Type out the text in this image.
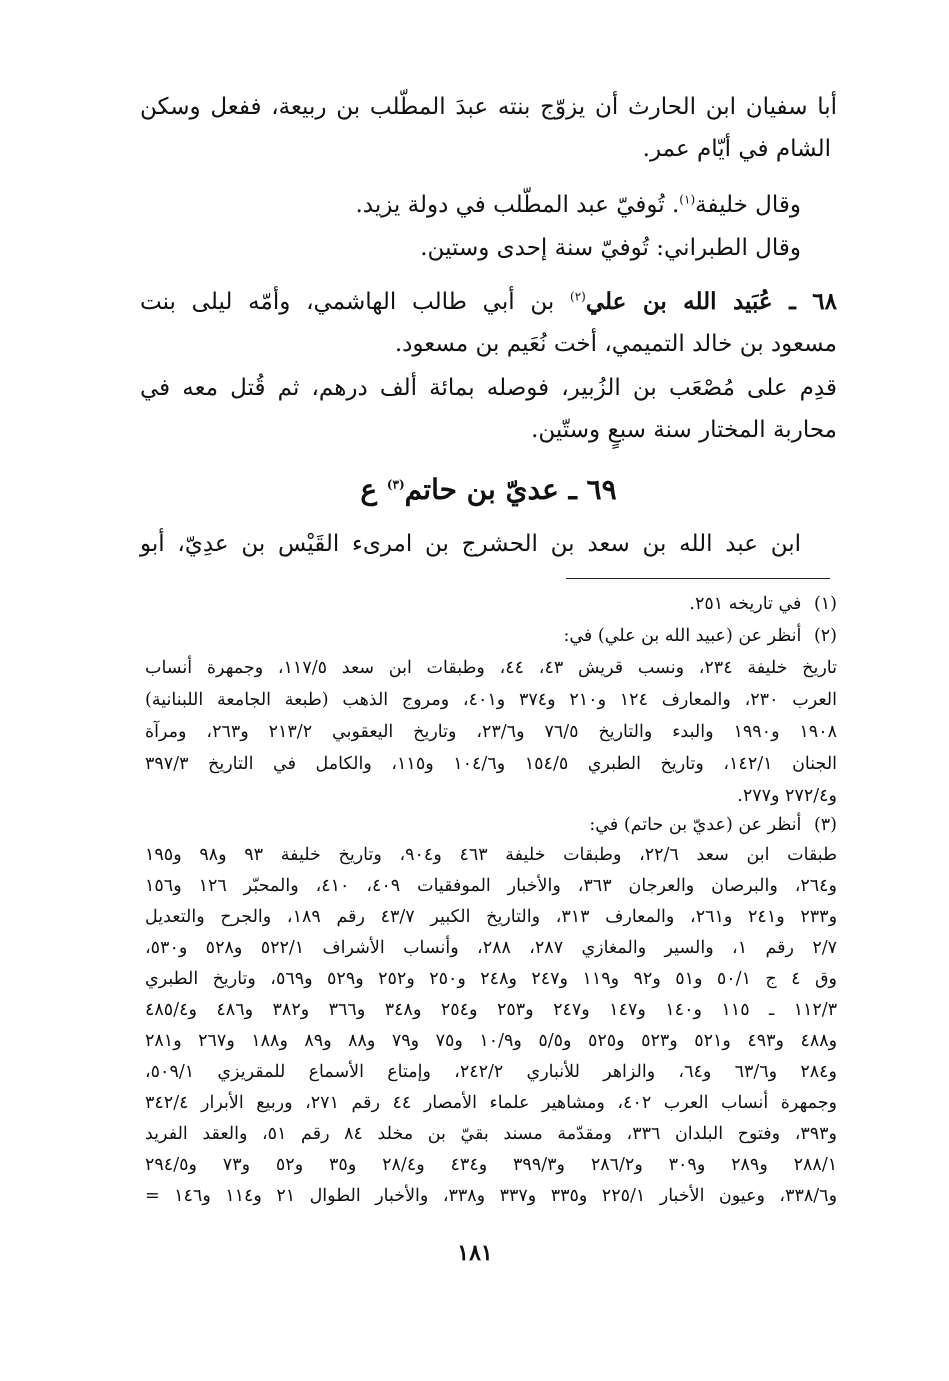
أبا سفيان ابن الحارث أن يزوّج بنته عبدَ المطّلب بن ربيعة، ففعل وسكن
الشام في أيّام عمر.
وقال خليفة$^{(١)}$. تُوفيّ عبد المطّلب في دولة يزيد.
وقال الطبراني: تُوفيّ سنة إحدى وستين.
٦٨ ـ عُبَيد الله بن علي$^{(٢)}$ بن أبي طالب الهاشمي، وأمّه ليلى بنت
مسعود بن خالد التميمي، أخت نُعَيم بن مسعود.
قدِم على مُصْعَب بن الزُبير، فوصله بمائة ألف درهم، ثم قُتل معه في
محاربة المختار سنة سبعٍ وستّين.
٦٩ ـ عديّ بن حاتم$^{(٣)}$ ع
ابن عبد الله بن سعد بن الحشرج بن امرىء القَيْس بن عدِيّ، أبو
(١) في تاريخه ٢٥١.
(٢) أنظر عن (عبيد الله بن علي) في:
تاريخ خليفة ٢٣٤، ونسب قريش ٤٣، ٤٤، وطبقات ابن سعد ١١٧/٥، وجمهرة أنساب
العرب ٢٣٠، والمعارف ١٢٤ و٢١٠ و٣٧٤ و٤٠١، ومروج الذهب (طبعة الجامعة اللبنانية)
١٩٠٨ و١٩٩٠ والبدء والتاريخ ٧٦/٥ و٢٣/٦، وتاريخ اليعقوبي ٢١٣/٢ و٢٦٣، ومرآة
الجنان ١٤٢/١، وتاريخ الطبري ١٥٤/٥ و١٠٤/٦ و١١٥، والكامل في التاريخ ٣٩٧/٣
و٢٧٢/٤ و٢٧٧.
(٣) أنظر عن (عديّ بن حاتم) في:
طبقات ابن سعد ٢٢/٦، وطبقات خليفة ٤٦٣ و٩٠٤، وتاريخ خليفة ٩٣ و٩٨ و١٩٥
و٢٦٤، والبرصان والعرجان ٣٦٣، والأخبار الموفقيات ٤٠٩، ٤١٠، والمحبّر ١٢٦ و١٥٦
و٢٣٣ و٢٤١ و٢٦١، والمعارف ٣١٣، والتاريخ الكبير ٤٣/٧ رقم ١٨٩، والجرح والتعديل
٢/٧ رقم ١، والسير والمغازي ٢٨٧، ٢٨٨، وأنساب الأشراف ٥٢٢/١ و٥٢٨ و٥٣٠،
وق ٤ ج ٥٠/١ و٥١ و٩٢ و١١٩ و٢٤٧ و٢٤٨ و٢٥٠ و٢٥٢ و٥٢٩ و٥٦٩، وتاريخ الطبري
١١٢/٣ ـ ١١٥ و١٤٠ و١٤٧ و٢٤٧ و٢٥٣ و٢٥٤ و٣٤٨ و٣٦٦ و٣٨٢ و٤٨٦ و٤٨٥/٤
و٤٨٨ و٤٩٣ و٥٢١ و٥٢٣ و٥٢٥ و٥/٥ و١٠/٩ و٧٥ و٧٩ و٨٨ و٨٩ و١٨٨ و٢٦٧ و٢٨١
و٢٨٤ و٦٣/٦ و٦٤، والزاهر للأنباري ٢٤٢/٢، وإمتاع الأسماع للمقريزي ٥٠٩/١،
وجمهرة أنساب العرب ٤٠٢، ومشاهير علماء الأمصار ٤٤ رقم ٢٧١، وربيع الأبرار ٣٤٢/٤
و٣٩٣، وفتوح البلدان ٣٣٦، ومقدّمة مسند بقيّ بن مخلد ٨٤ رقم ٥١، والعقد الفريد
٢٨٨/١ و٢٨٩ و٣٠٩ و٢٨٦/٢ و٣٩٩/٣ و٤٣٤ و٢٨/٤ و٣٥ و٥٢ و٧٣ و٢٩٤/٥
و٣٣٨/٦، وعيون الأخبار ٢٢٥/١ و٣٣٥ و٣٣٧ و٣٣٨، والأخبار الطوال ٢١ و١١٤ و١٤٦ =
١٨١
